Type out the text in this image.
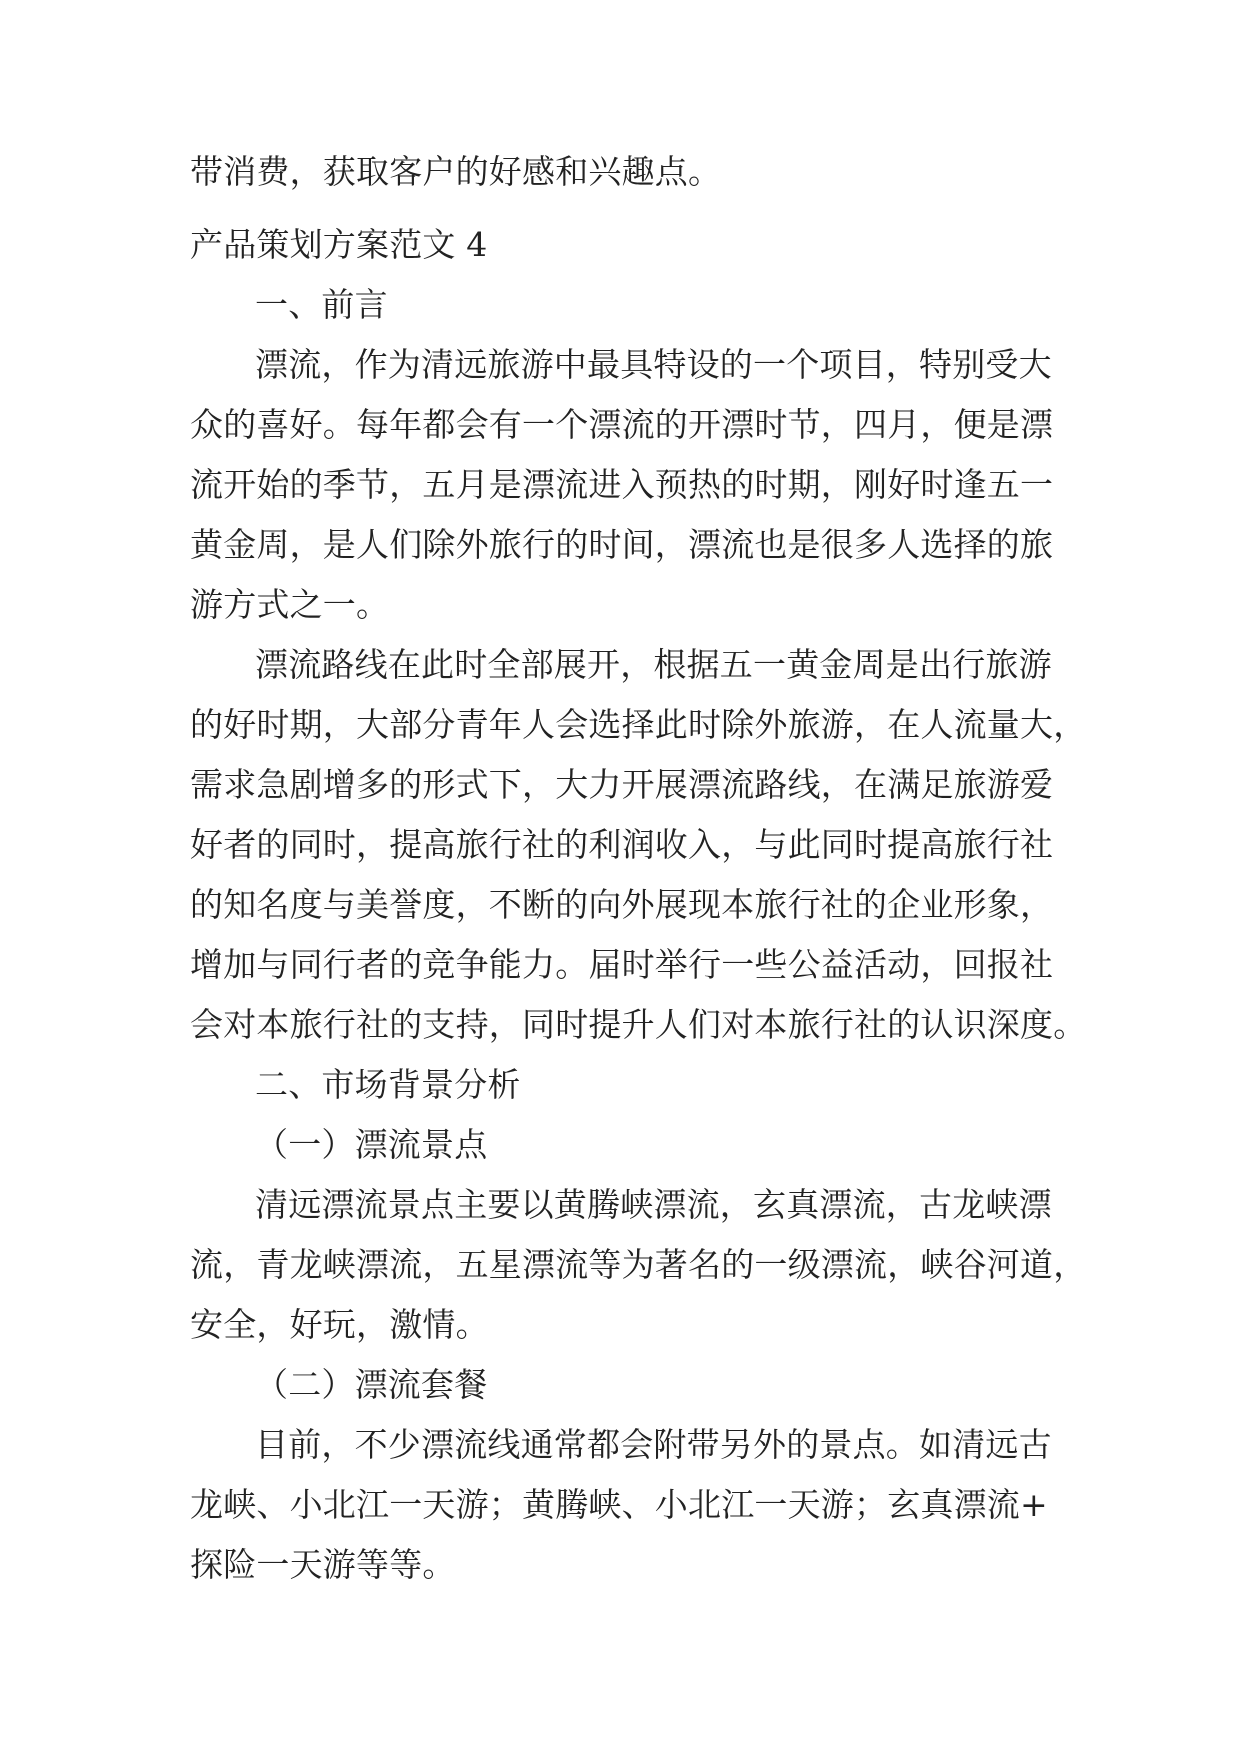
带消费，获取客户的好感和兴趣点。
产品策划方案范文 4
一、前言
漂流，作为清远旅游中最具特设的一个项目，特别受大
众的喜好。每年都会有一个漂流的开漂时节，四月，便是漂
流开始的季节，五月是漂流进入预热的时期，刚好时逢五一
黄金周，是人们除外旅行的时间，漂流也是很多人选择的旅
游方式之一。
漂流路线在此时全部展开，根据五一黄金周是出行旅游
的好时期，大部分青年人会选择此时除外旅游，在人流量大，
需求急剧增多的形式下，大力开展漂流路线，在满足旅游爱
好者的同时，提高旅行社的利润收入，与此同时提高旅行社
的知名度与美誉度，不断的向外展现本旅行社的企业形象，
增加与同行者的竞争能力。届时举行一些公益活动，回报社
会对本旅行社的支持，同时提升人们对本旅行社的认识深度。
二、市场背景分析
（一）漂流景点
清远漂流景点主要以黄腾峡漂流，玄真漂流，古龙峡漂
流，青龙峡漂流，五星漂流等为著名的一级漂流，峡谷河道，
安全，好玩，激情。
（二）漂流套餐
目前，不少漂流线通常都会附带另外的景点。如清远古
龙峡、小北江一天游；黄腾峡、小北江一天游；玄真漂流+
探险一天游等等。
